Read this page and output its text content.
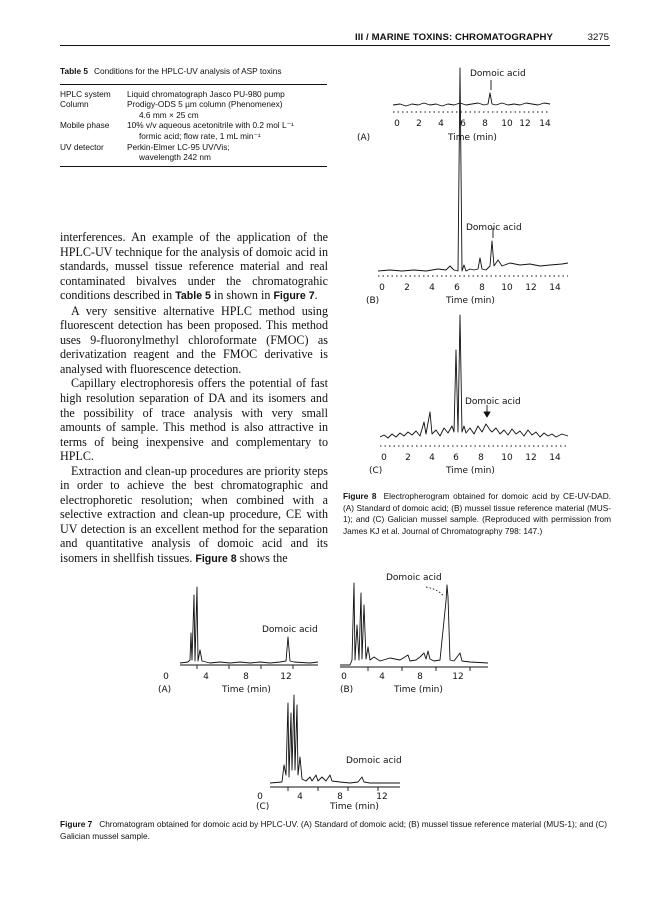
III / MARINE TOXINS: CHROMATOGRAPHY	3275
Table 5 Conditions for the HPLC-UV analysis of ASP toxins
HPLC system	Liquid chromatograph Jasco PU-980 pump
Column	Prodigy-ODS 5 µm column (Phenomenex)
4.6 mm × 25 cm
Mobile phase	10% v/v aqueous acetonitrile with 0.2 mol L⁻¹
formic acid; flow rate, 1 mL min⁻¹
UV detector	Perkin-Elmer LC-95 UV/Vis;
wavelength 242 nm

interferences. An example of the application of the HPLC-UV technique for the analysis of domoic acid in standards, mussel tissue reference material and real contaminated bivalves under the chromatograhic conditions described in Table 5 in shown in Figure 7.

A very sensitive alternative HPLC method using fluorescent detection has been proposed. This method uses 9-fluoronylmethyl chloroformate (FMOC) as derivatization reagent and the FMOC derivative is analysed with fluorescence detection.

Capillary electrophoresis offers the potential of fast high resolution separation of DA and its isomers and the possibility of trace analysis with very small amounts of sample. This method is also attractive in terms of being inexpensive and complementary to HPLC.

Extraction and clean-up procedures are priority steps in order to achieve the best chromatographic and electrophoretic resolution; when combined with a selective extraction and clean-up procedure, CE with UV detection is an excellent method for the separation and quantitative analysis of domoic acid and its isomers in shellfish tissues. Figure 8 shows the

Domoic acid
0 2 4 6 8 10 12 14
(A)	Time (min)
Domoic acid
0 2 4 6 8 10 12 14
(B)	Time (min)
Domoic acid
0 2 4 6 8 10 12 14
(C)	Time (min)
Figure 8 Electropherogram obtained for domoic acid by CE-UV-DAD. (A) Standard of domoic acid; (B) mussel tissue reference material (MUS-1); and (C) Galician mussel sample. (Reproduced with permission from James KJ et al. Journal of Chromatography 798: 147.)
Domoic acid
0	4	8	12
(A)	Time (min)
Domoic acid
0	4	8	12
(B)	Time (min)
Domoic acid
0	4	8	12
(C)	Time (min)
Figure 7 Chromatogram obtained for domoic acid by HPLC-UV. (A) Standard of domoic acid; (B) mussel tissue reference material (MUS-1); and (C) Galician mussel sample.
